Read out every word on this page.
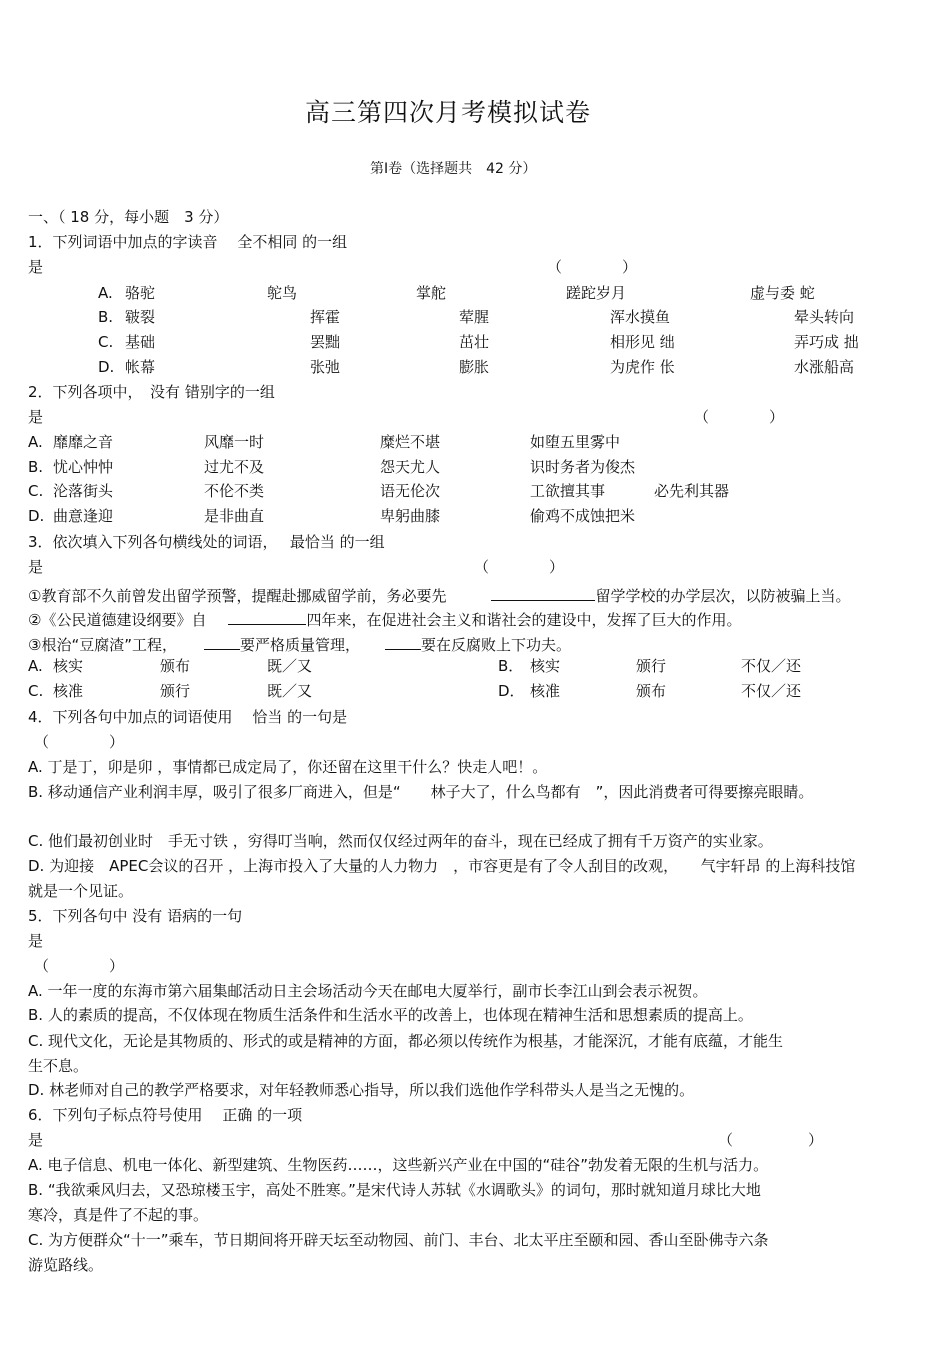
高三第四次月考模拟试卷
第Ⅰ卷（选择题共　42 分）
一、（ 18 分，每小题　3 分）
1．下列词语中加点的字读音　 全不相同 的一组
是	（　　　　）
A. 骆驼	鸵鸟	掌舵	蹉跎岁月	虚与委 蛇
B. 皲裂	挥霍	荤腥	浑水摸鱼	晕头转向
C. 基础	罢黜	茁壮	相形见 绌	弄巧成 拙
D. 帐幕	张弛	膨胀	为虎作 伥	水涨船高
2．下列各项中，　没有 错别字的一组
是	（　　　　）
A. 靡靡之音	风靡一时	糜烂不堪	如堕五里雾中
B. 忧心忡忡	过尤不及	怨天尤人	识时务者为俊杰
C. 沦落街头	不伦不类	语无伦次	工欲擅其事	必先利其器
D. 曲意逢迎	是非曲直	卑躬曲膝	偷鸡不成蚀把米
3．依次填入下列各句横线处的词语，　 最恰当 的一组
是	（　　　　）
①教育部不久前曾发出留学预警，提醒赴挪威留学前，务必要先	留学学校的办学层次，以防被骗上当。
②《公民道德建设纲要》自	四年来，在促进社会主义和谐社会的建设中，发挥了巨大的作用。
③根治“豆腐渣”工程，	要严格质量管理，	要在反腐败上下功夫。
A. 核实	颁布	既／又	B． 核实	颁行	不仅／还
C. 核准	颁行	既／又	D． 核准	颁布	不仅／还
4．下列各句中加点的词语使用　 恰当 的一句是
（　　　　）
A. 丁是丁，卯是卯 ，事情都已成定局了，你还留在这里干什么？快走人吧！。
B. 移动通信产业利润丰厚，吸引了很多厂商进入，但是“　　林子大了，什么鸟都有　”，因此消费者可得要擦亮眼睛。
C. 他们最初创业时　手无寸铁 ，穷得叮当响，然而仅仅经过两年的奋斗，现在已经成了拥有千万资产的实业家。
D. 为迎接　APEC会议的召开 ，上海市投入了大量的人力物力　，市容更是有了令人刮目的改观，　　气宇轩昂 的上海科技馆
就是一个见证。
5．下列各句中 没有 语病的一句
是
（　　　　）
A. 一年一度的东海市第六届集邮活动日主会场活动今天在邮电大厦举行，副市长李江山到会表示祝贺。
B. 人的素质的提高，不仅体现在物质生活条件和生活水平的改善上，也体现在精神生活和思想素质的提高上。
C. 现代文化，无论是其物质的、形式的或是精神的方面，都必须以传统作为根基，才能深沉，才能有底蕴，才能生
生不息。
D. 林老师对自己的教学严格要求，对年轻教师悉心指导，所以我们选他作学科带头人是当之无愧的。
6．下列句子标点符号使用　 正确 的一项
是	（　　　　　）
A. 电子信息、机电一体化、新型建筑、生物医药……，这些新兴产业在中国的“硅谷”勃发着无限的生机与活力。
B. “我欲乘风归去，又恐琼楼玉宇，高处不胜寒。”是宋代诗人苏轼《水调歌头》的词句，那时就知道月球比大地
寒冷，真是件了不起的事。
C. 为方便群众“十一”乘车，节日期间将开辟天坛至动物园、前门、丰台、北太平庄至颐和园、香山至卧佛寺六条
游览路线。
